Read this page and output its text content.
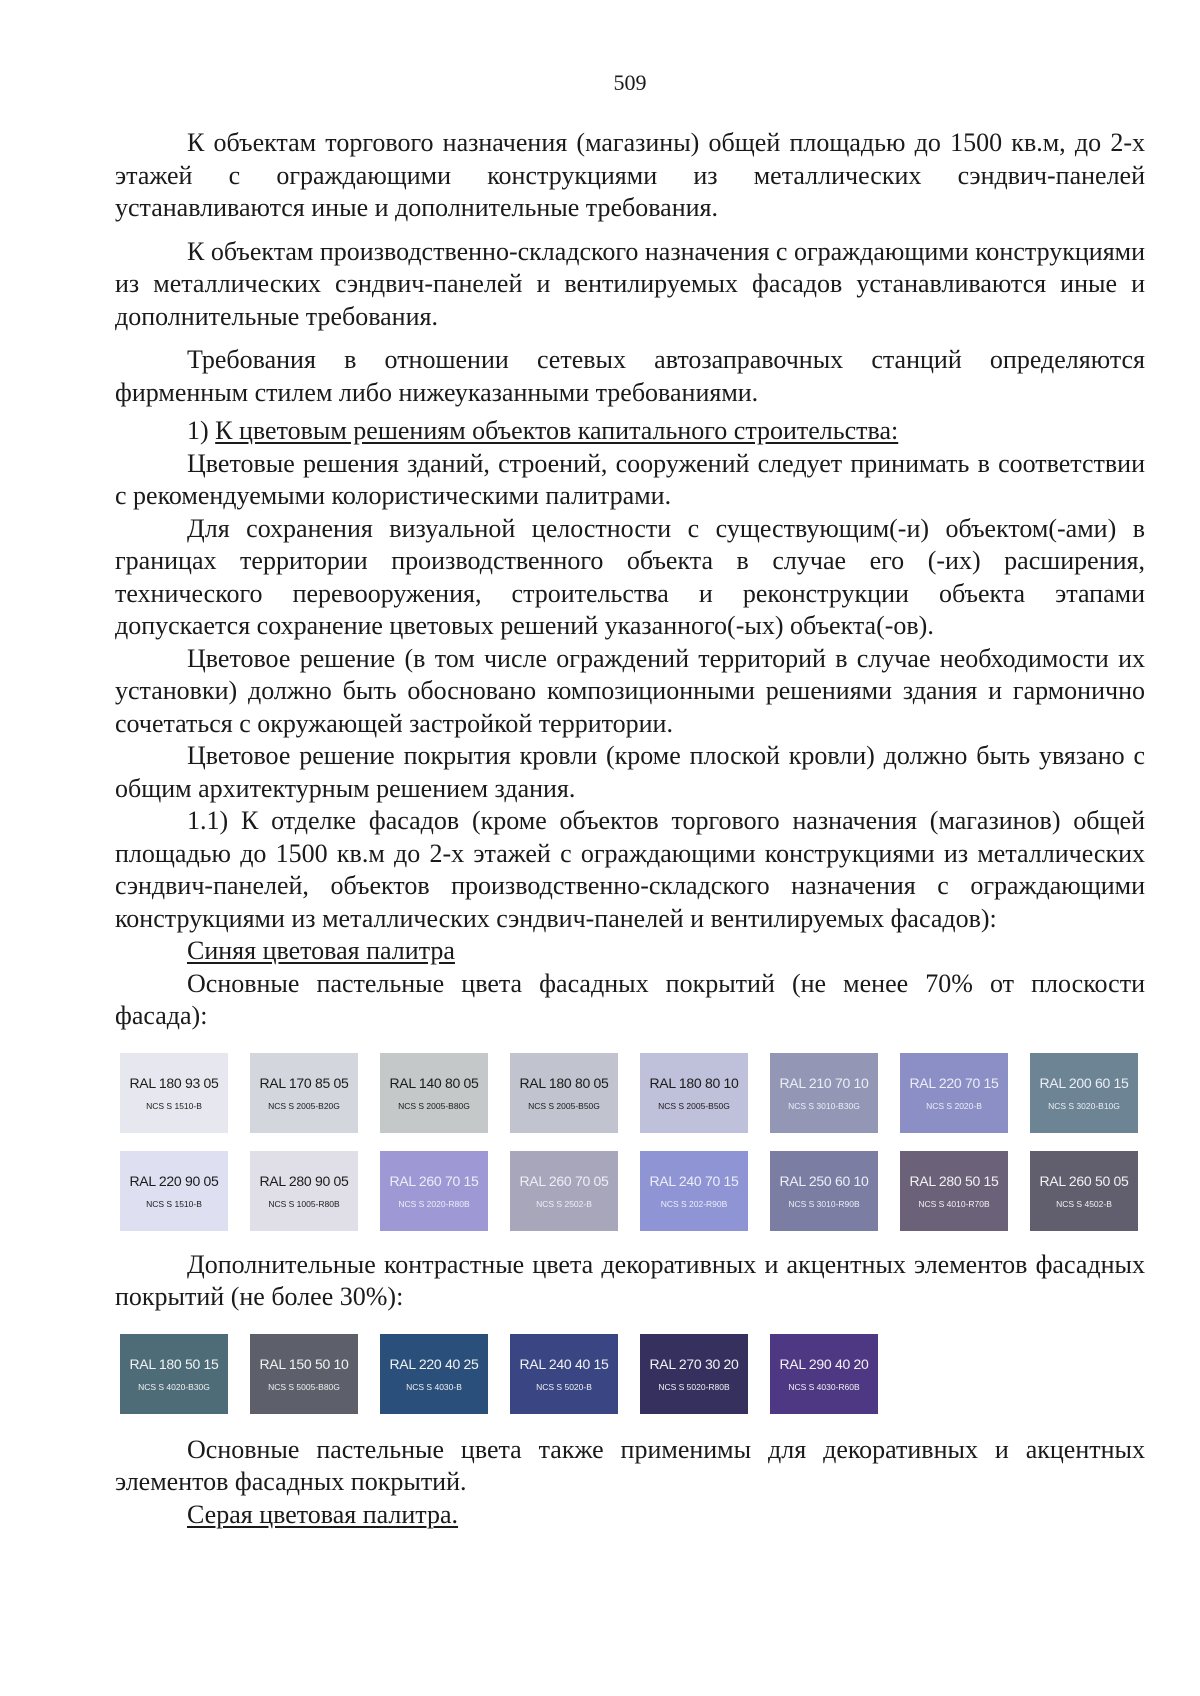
509

К объектам торгового назначения (магазины) общей площадью до 1500 кв.м, до 2-х этажей с ограждающими конструкциями из металлических сэндвич-панелей устанавливаются иные и дополнительные требования.

К объектам производственно-складского назначения с ограждающими конструкциями из металлических сэндвич-панелей и вентилируемых фасадов устанавливаются иные и дополнительные требования.

Требования в отношении сетевых автозаправочных станций определяются фирменным стилем либо нижеуказанными требованиями.

1) К цветовым решениям объектов капитального строительства:

Цветовые решения зданий, строений, сооружений следует принимать в соответствии с рекомендуемыми колористическими палитрами.

Для сохранения визуальной целостности с существующим(-и) объектом(-ами) в границах территории производственного объекта в случае его (-их) расширения, технического перевооружения, строительства и реконструкции объекта этапами допускается сохранение цветовых решений указанного(-ых) объекта(-ов).

Цветовое решение (в том числе ограждений территорий в случае необходимости их установки) должно быть обосновано композиционными решениями здания и гармонично сочетаться с окружающей застройкой территории.

Цветовое решение покрытия кровли (кроме плоской кровли) должно быть увязано с общим архитектурным решением здания.

1.1) К отделке фасадов (кроме объектов торгового назначения (магазинов) общей площадью до 1500 кв.м до 2-х этажей с ограждающими конструкциями из металлических сэндвич-панелей, объектов производственно-складского назначения с ограждающими конструкциями из металлических сэндвич-панелей и вентилируемых фасадов):

Синяя цветовая палитра

Основные пастельные цвета фасадных покрытий (не менее 70% от плоскости фасада):

RAL 180 93 05
NCS S 1510-B
RAL 170 85 05
NCS S 2005-B20G
RAL 140 80 05
NCS S 2005-B80G
RAL 180 80 05
NCS S 2005-B50G
RAL 180 80 10
NCS S 2005-B50G
RAL 210 70 10
NCS S 3010-B30G
RAL 220 70 15
NCS S 2020-B
RAL 200 60 15
NCS S 3020-B10G
RAL 220 90 05
NCS S 1510-B
RAL 280 90 05
NCS S 1005-R80B
RAL 260 70 15
NCS S 2020-R80B
RAL 260 70 05
NCS S 2502-B
RAL 240 70 15
NCS S 202-R90B
RAL 250 60 10
NCS S 3010-R90B
RAL 280 50 15
NCS S 4010-R70B
RAL 260 50 05
NCS S 4502-B

Дополнительные контрастные цвета декоративных и акцентных элементов фасадных покрытий (не более 30%):

RAL 180 50 15
NCS S 4020-B30G
RAL 150 50 10
NCS S 5005-B80G
RAL 220 40 25
NCS S 4030-B
RAL 240 40 15
NCS S 5020-B
RAL 270 30 20
NCS S 5020-R80B
RAL 290 40 20
NCS S 4030-R60B

Основные пастельные цвета также применимы для декоративных и акцентных элементов фасадных покрытий.

Серая цветовая палитра.
